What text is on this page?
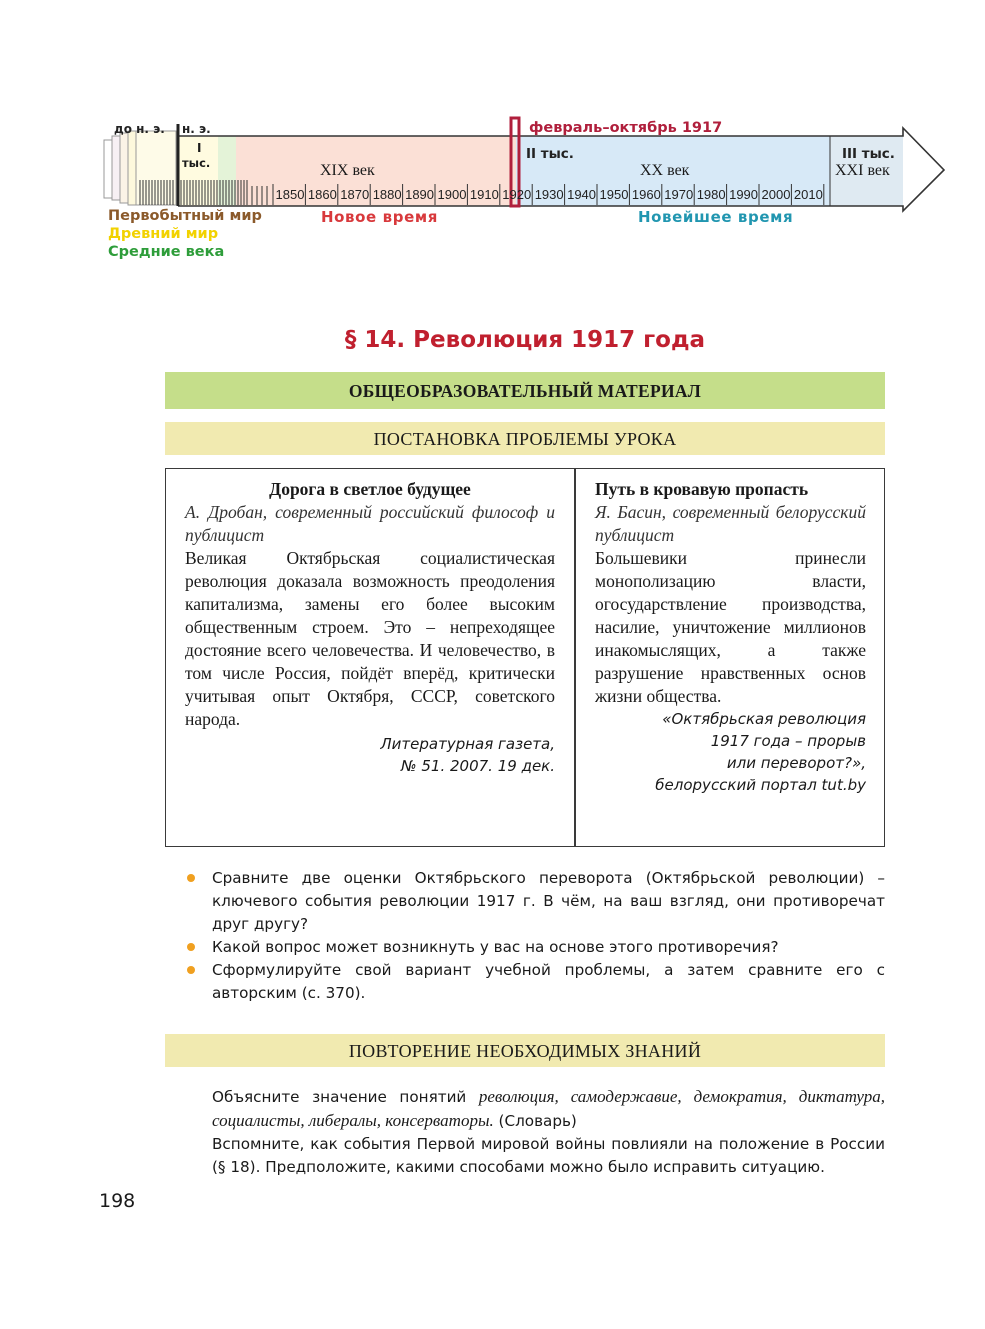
1850 1860 1870 1880 1890 1900 1910 1920 1930 1940 1950 1960 1970 1980 1990 2000 2010
до н. э. н. э.
I
тыс.	XIX век
февраль–октябрь 1917
II тыс.
XX век
III тыс.
XXI век
Первобытный мир
Древний мир
Средние века
Новое время	Новейшее время
§ 14. Революция 1917 года
ОБЩЕОБРАЗОВАТЕЛЬНЫЙ МАТЕРИАЛ
ПОСТАНОВКА ПРОБЛЕМЫ УРОКА
Дорога в светлое будущее
А. Дробан, современный российский философ и публицист
Великая Октябрьская социалистическая революция доказала возможность преодоления капитализма, замены его более высоким общественным строем. Это – непреходящее достояние всего человечества. И человечество, в том числе Россия, пойдёт вперёд, критически учитывая опыт Октября, СССР, советского народа.
Литературная газета,
№ 51. 2007. 19 дек.
Путь в кровавую пропасть
Я. Басин, современный белорусский публицист
Большевики принесли монополизацию власти, огосударствление производства, насилие, уничтожение миллионов инакомыслящих, а также разрушение нравственных основ жизни общества.
«Октябрьская революция
1917 года – прорыв
или переворот?»,
белорусский портал tut.by
Сравните две оценки Октябрьского переворота (Октябрьской революции) – ключевого события революции 1917 г. В чём, на ваш взгляд, они противоречат друг другу?
Какой вопрос может возникнуть у вас на основе этого противоречия?
Сформулируйте свой вариант учебной проблемы, а затем сравните его с авторским (с. 370).
ПОВТОРЕНИЕ НЕОБХОДИМЫХ ЗНАНИЙ
Объясните значение понятий революция, самодержавие, демократия, диктатура, социалисты, либералы, консерваторы. (Словарь)
Вспомните, как события Первой мировой войны повлияли на положение в России (§ 18). Предположите, какими способами можно было исправить ситуацию.
198
